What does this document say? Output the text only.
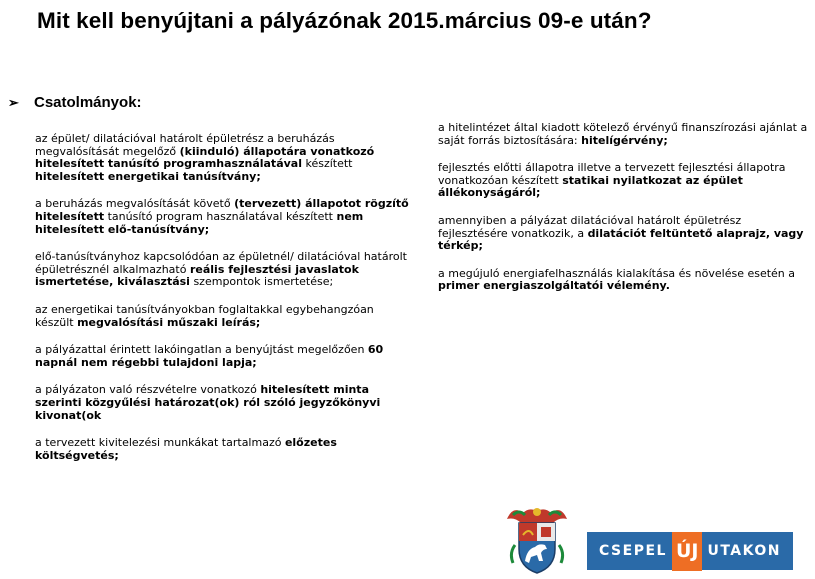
Mit kell benyújtani a pályázónak 2015.március 09-e után?
➢ Csatolmányok:
az épület/ dilatációval határolt épületrész a beruházás megvalósítását megelőző (kiinduló) állapotára vonatkozó hitelesített tanúsító programhasználatával készített hitelesített energetikai tanúsítvány;
a beruházás megvalósítását követő (tervezett) állapotot rögzítő hitelesített tanúsító program használatával készített nem hitelesített elő-tanúsítvány;
elő-tanúsítványhoz kapcsolódóan az épületnél/ dilatációval határolt épületrésznél alkalmazható reális fejlesztési javaslatok ismertetése, kiválasztási szempontok ismertetése;
az energetikai tanúsítványokban foglaltakkal egybehangzóan készült megvalósítási műszaki leírás;
a pályázattal érintett lakóingatlan a benyújtást megelőzően 60 napnál nem régebbi tulajdoni lapja;
a pályázaton való részvételre vonatkozó hitelesített minta szerinti közgyűlési határozat(ok) ról szóló jegyzőkönyvi kivonat(ok
a tervezett kivitelezési munkákat tartalmazó előzetes költségvetés;
a hitelintézet által kiadott kötelező érvényű finanszírozási ajánlat a saját forrás biztosítására: hitelígérvény;
fejlesztés előtti állapotra illetve a tervezett fejlesztési állapotra vonatkozóan készített statikai nyilatkozat az épület állékonyságáról;
amennyiben a pályázat dilatációval határolt épületrész fejlesztésére vonatkozik, a dilatációt feltüntető alaprajz, vagy térkép;
a megújuló energiafelhasználás kialakítása és növelése esetén a primer energiaszolgáltatói vélemény.
CSEPEL ÚJ UTAKON
